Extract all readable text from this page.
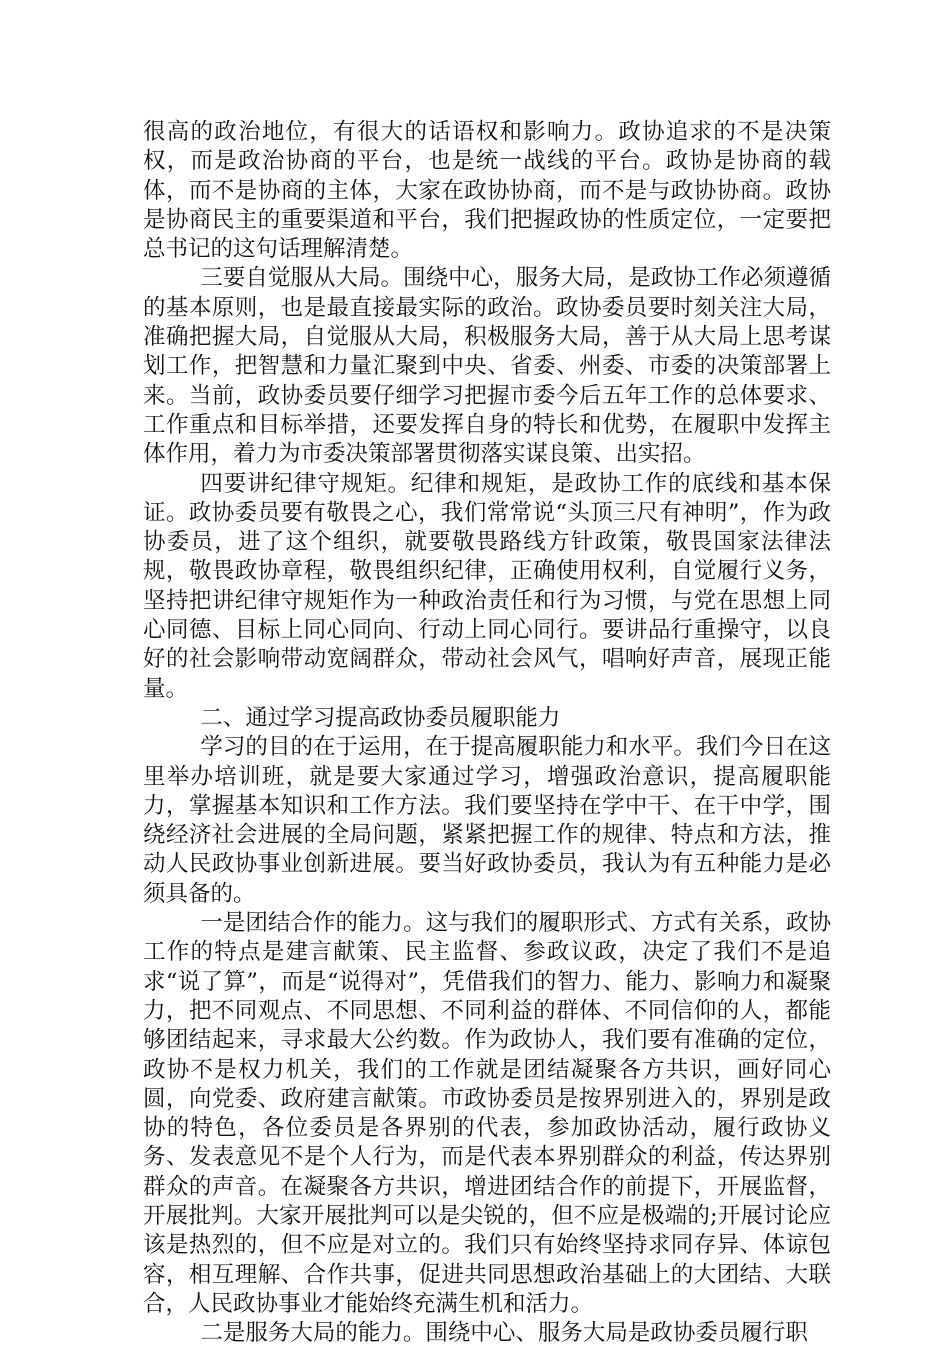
很高的政治地位，有很大的话语权和影响力。政协追求的不是决策权，而是政治协商的平台，也是统一战线的平台。政协是协商的载体，而不是协商的主体，大家在政协协商，而不是与政协协商。政协是协商民主的重要渠道和平台，我们把握政协的性质定位，一定要把总书记的这句话理解清楚。

三要自觉服从大局。围绕中心，服务大局，是政协工作必须遵循的基本原则，也是最直接最实际的政治。政协委员要时刻关注大局，准确把握大局，自觉服从大局，积极服务大局，善于从大局上思考谋划工作，把智慧和力量汇聚到中央、省委、州委、市委的决策部署上来。当前，政协委员要仔细学习把握市委今后五年工作的总体要求、工作重点和目标举措，还要发挥自身的特长和优势，在履职中发挥主体作用，着力为市委决策部署贯彻落实谋良策、出实招。

四要讲纪律守规矩。纪律和规矩，是政协工作的底线和基本保证。政协委员要有敬畏之心，我们常常说“头顶三尺有神明”，作为政协委员，进了这个组织，就要敬畏路线方针政策，敬畏国家法律法规，敬畏政协章程，敬畏组织纪律，正确使用权利，自觉履行义务，坚持把讲纪律守规矩作为一种政治责任和行为习惯，与党在思想上同心同德、目标上同心同向、行动上同心同行。要讲品行重操守，以良好的社会影响带动宽阔群众，带动社会风气，唱响好声音，展现正能量。

二、通过学习提高政协委员履职能力

学习的目的在于运用，在于提高履职能力和水平。我们今日在这里举办培训班，就是要大家通过学习，增强政治意识，提高履职能力，掌握基本知识和工作方法。我们要坚持在学中干、在干中学，围绕经济社会进展的全局问题，紧紧把握工作的规律、特点和方法，推动人民政协事业创新进展。要当好政协委员，我认为有五种能力是必须具备的。

一是团结合作的能力。这与我们的履职形式、方式有关系，政协工作的特点是建言献策、民主监督、参政议政，决定了我们不是追求“说了算”，而是“说得对”，凭借我们的智力、能力、影响力和凝聚力，把不同观点、不同思想、不同利益的群体、不同信仰的人，都能够团结起来，寻求最大公约数。作为政协人，我们要有准确的定位，政协不是权力机关，我们的工作就是团结凝聚各方共识，画好同心圆，向党委、政府建言献策。市政协委员是按界别进入的，界别是政协的特色，各位委员是各界别的代表，参加政协活动，履行政协义务、发表意见不是个人行为，而是代表本界别群众的利益，传达界别群众的声音。在凝聚各方共识，增进团结合作的前提下，开展监督，开展批判。大家开展批判可以是尖锐的，但不应是极端的;开展讨论应该是热烈的，但不应是对立的。我们只有始终坚持求同存异、体谅包容，相互理解、合作共事，促进共同思想政治基础上的大团结、大联合，人民政协事业才能始终充满生机和活力。

二是服务大局的能力。围绕中心、服务大局是政协委员履行职
